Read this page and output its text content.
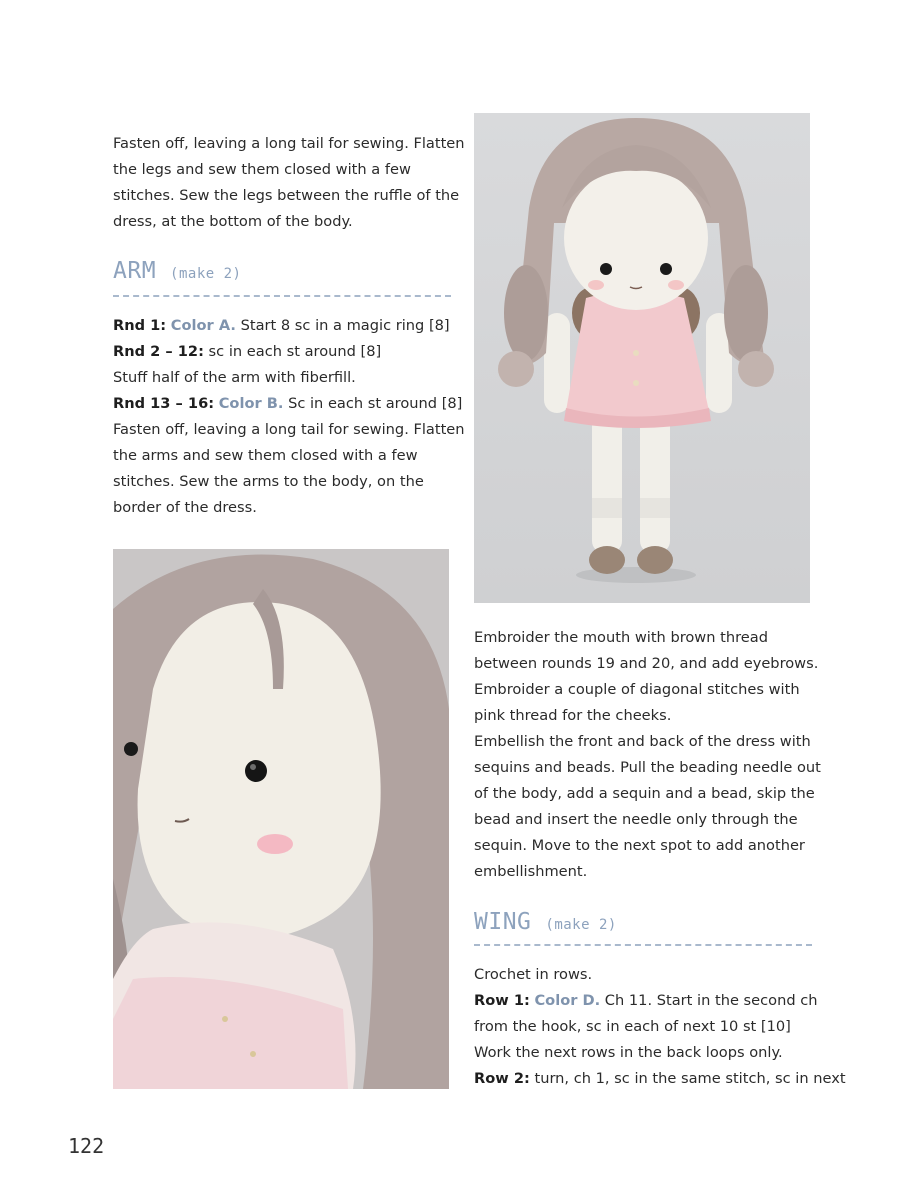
Fasten off, leaving a long tail for sewing. Flatten

the legs and sew them closed with a few

stitches. Sew the legs between the ruffle of the

dress, at the bottom of the body.

ARM (make 2)

Rnd 1: Color A. Start 8 sc in a magic ring [8]

Rnd 2 – 12: sc in each st around [8]

Stuff half of the arm with fiberfill.

Rnd 13 – 16: Color B. Sc in each st around [8]

Fasten off, leaving a long tail for sewing. Flatten

the arms and sew them closed with a few

stitches. Sew the arms to the body, on the

border of the dress.

Embroider the mouth with brown thread

between rounds 19 and 20, and add eyebrows.

Embroider a couple of diagonal stitches with

pink thread for the cheeks.

Embellish the front and back of the dress with

sequins and beads. Pull the beading needle out

of the body, add a sequin and a bead, skip the

bead and insert the needle only through the

sequin. Move to the next spot to add another

embellishment.

WING (make 2)

Crochet in rows.

Row 1: Color D. Ch 11. Start in the second ch

from the hook, sc in each of next 10 st [10]

Work the next rows in the back loops only.

Row 2: turn, ch 1, sc in the same stitch, sc in next

122
